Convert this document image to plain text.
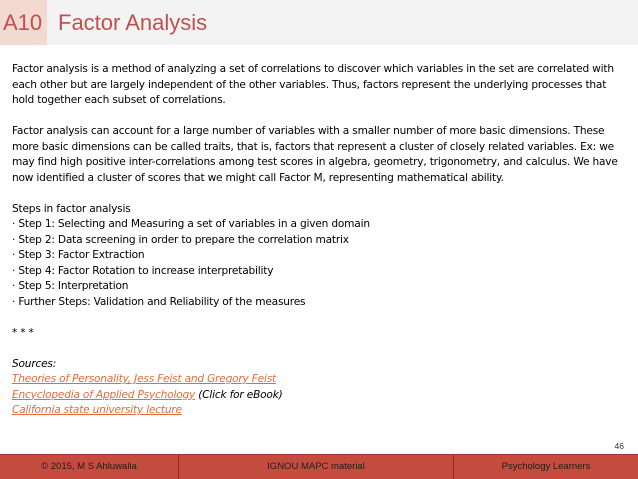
A10 Factor Analysis

Factor analysis is a method of analyzing a set of correlations to discover which variables in the set are correlated with each other but are largely independent of the other variables. Thus, factors represent the underlying processes that hold together each subset of correlations.

Factor analysis can account for a large number of variables with a smaller number of more basic dimensions. These more basic dimensions can be called traits, that is, factors that represent a cluster of closely related variables. Ex: we may find high positive inter-correlations among test scores in algebra, geometry, trigonometry, and calculus. We have now identified a cluster of scores that we might call Factor M, representing mathematical ability.

Steps in factor analysis
· Step 1: Selecting and Measuring a set of variables in a given domain
· Step 2: Data screening in order to prepare the correlation matrix
· Step 3: Factor Extraction
· Step 4: Factor Rotation to increase interpretability
· Step 5: Interpretation
· Further Steps: Validation and Reliability of the measures
* * *
Sources:
Theories of Personality, Jess Feist and Gregory Feist
Encyclopedia of Applied Psychology (Click for eBook)
California state university lecture
46
© 2015, M S Ahluwalia	IGNOU MAPC material	Psychology Learners
